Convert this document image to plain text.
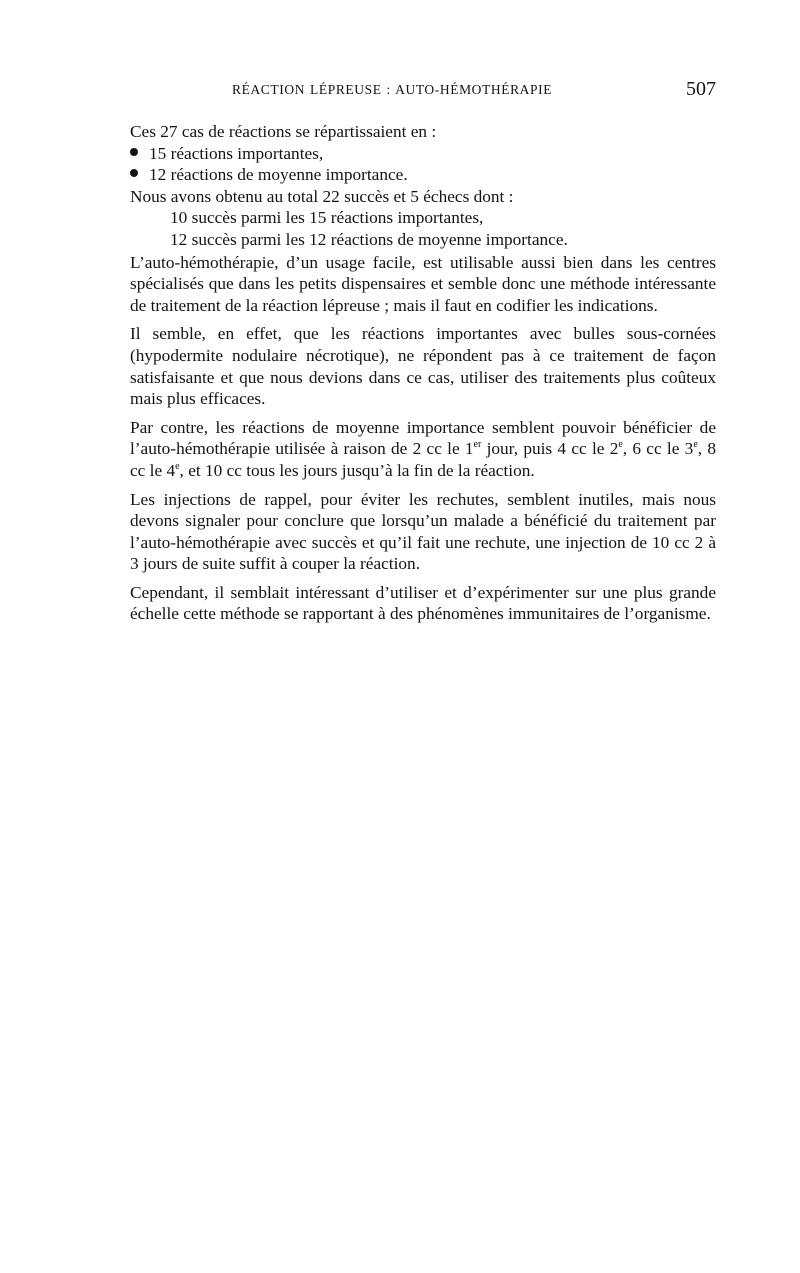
RÉACTION LÉPREUSE : AUTO-HÉMOTHÉRAPIE	507

Ces 27 cas de réactions se répartissaient en :

15 réactions importantes,

12 réactions de moyenne importance.

Nous avons obtenu au total 22 succès et 5 échecs dont :

10 succès parmi les 15 réactions importantes,

12 succès parmi les 12 réactions de moyenne importance.

L’auto-hémothérapie, d’un usage facile, est utilisable aussi bien dans les centres spécialisés que dans les petits dispensaires et semble donc une méthode intéressante de traitement de la réaction lépreuse ; mais il faut en codifier les indications.

Il semble, en effet, que les réactions importantes avec bulles sous-cornées (hypodermite nodulaire nécrotique), ne répondent pas à ce traitement de façon satisfaisante et que nous devions dans ce cas, utiliser des traitements plus coûteux mais plus efficaces.

Par contre, les réactions de moyenne importance semblent pouvoir bénéficier de l’auto-hémothérapie utilisée à raison de 2 cc le 1er jour, puis 4 cc le 2e, 6 cc le 3e, 8 cc le 4e, et 10 cc tous les jours jusqu’à la fin de la réaction.

Les injections de rappel, pour éviter les rechutes, semblent inutiles, mais nous devons signaler pour conclure que lorsqu’un malade a bénéficié du traitement par l’auto-hémothérapie avec succès et qu’il fait une rechute, une injection de 10 cc 2 à 3 jours de suite suffit à couper la réaction.

Cependant, il semblait intéressant d’utiliser et d’expérimenter sur une plus grande échelle cette méthode se rapportant à des phénomènes immunitaires de l’organisme.
